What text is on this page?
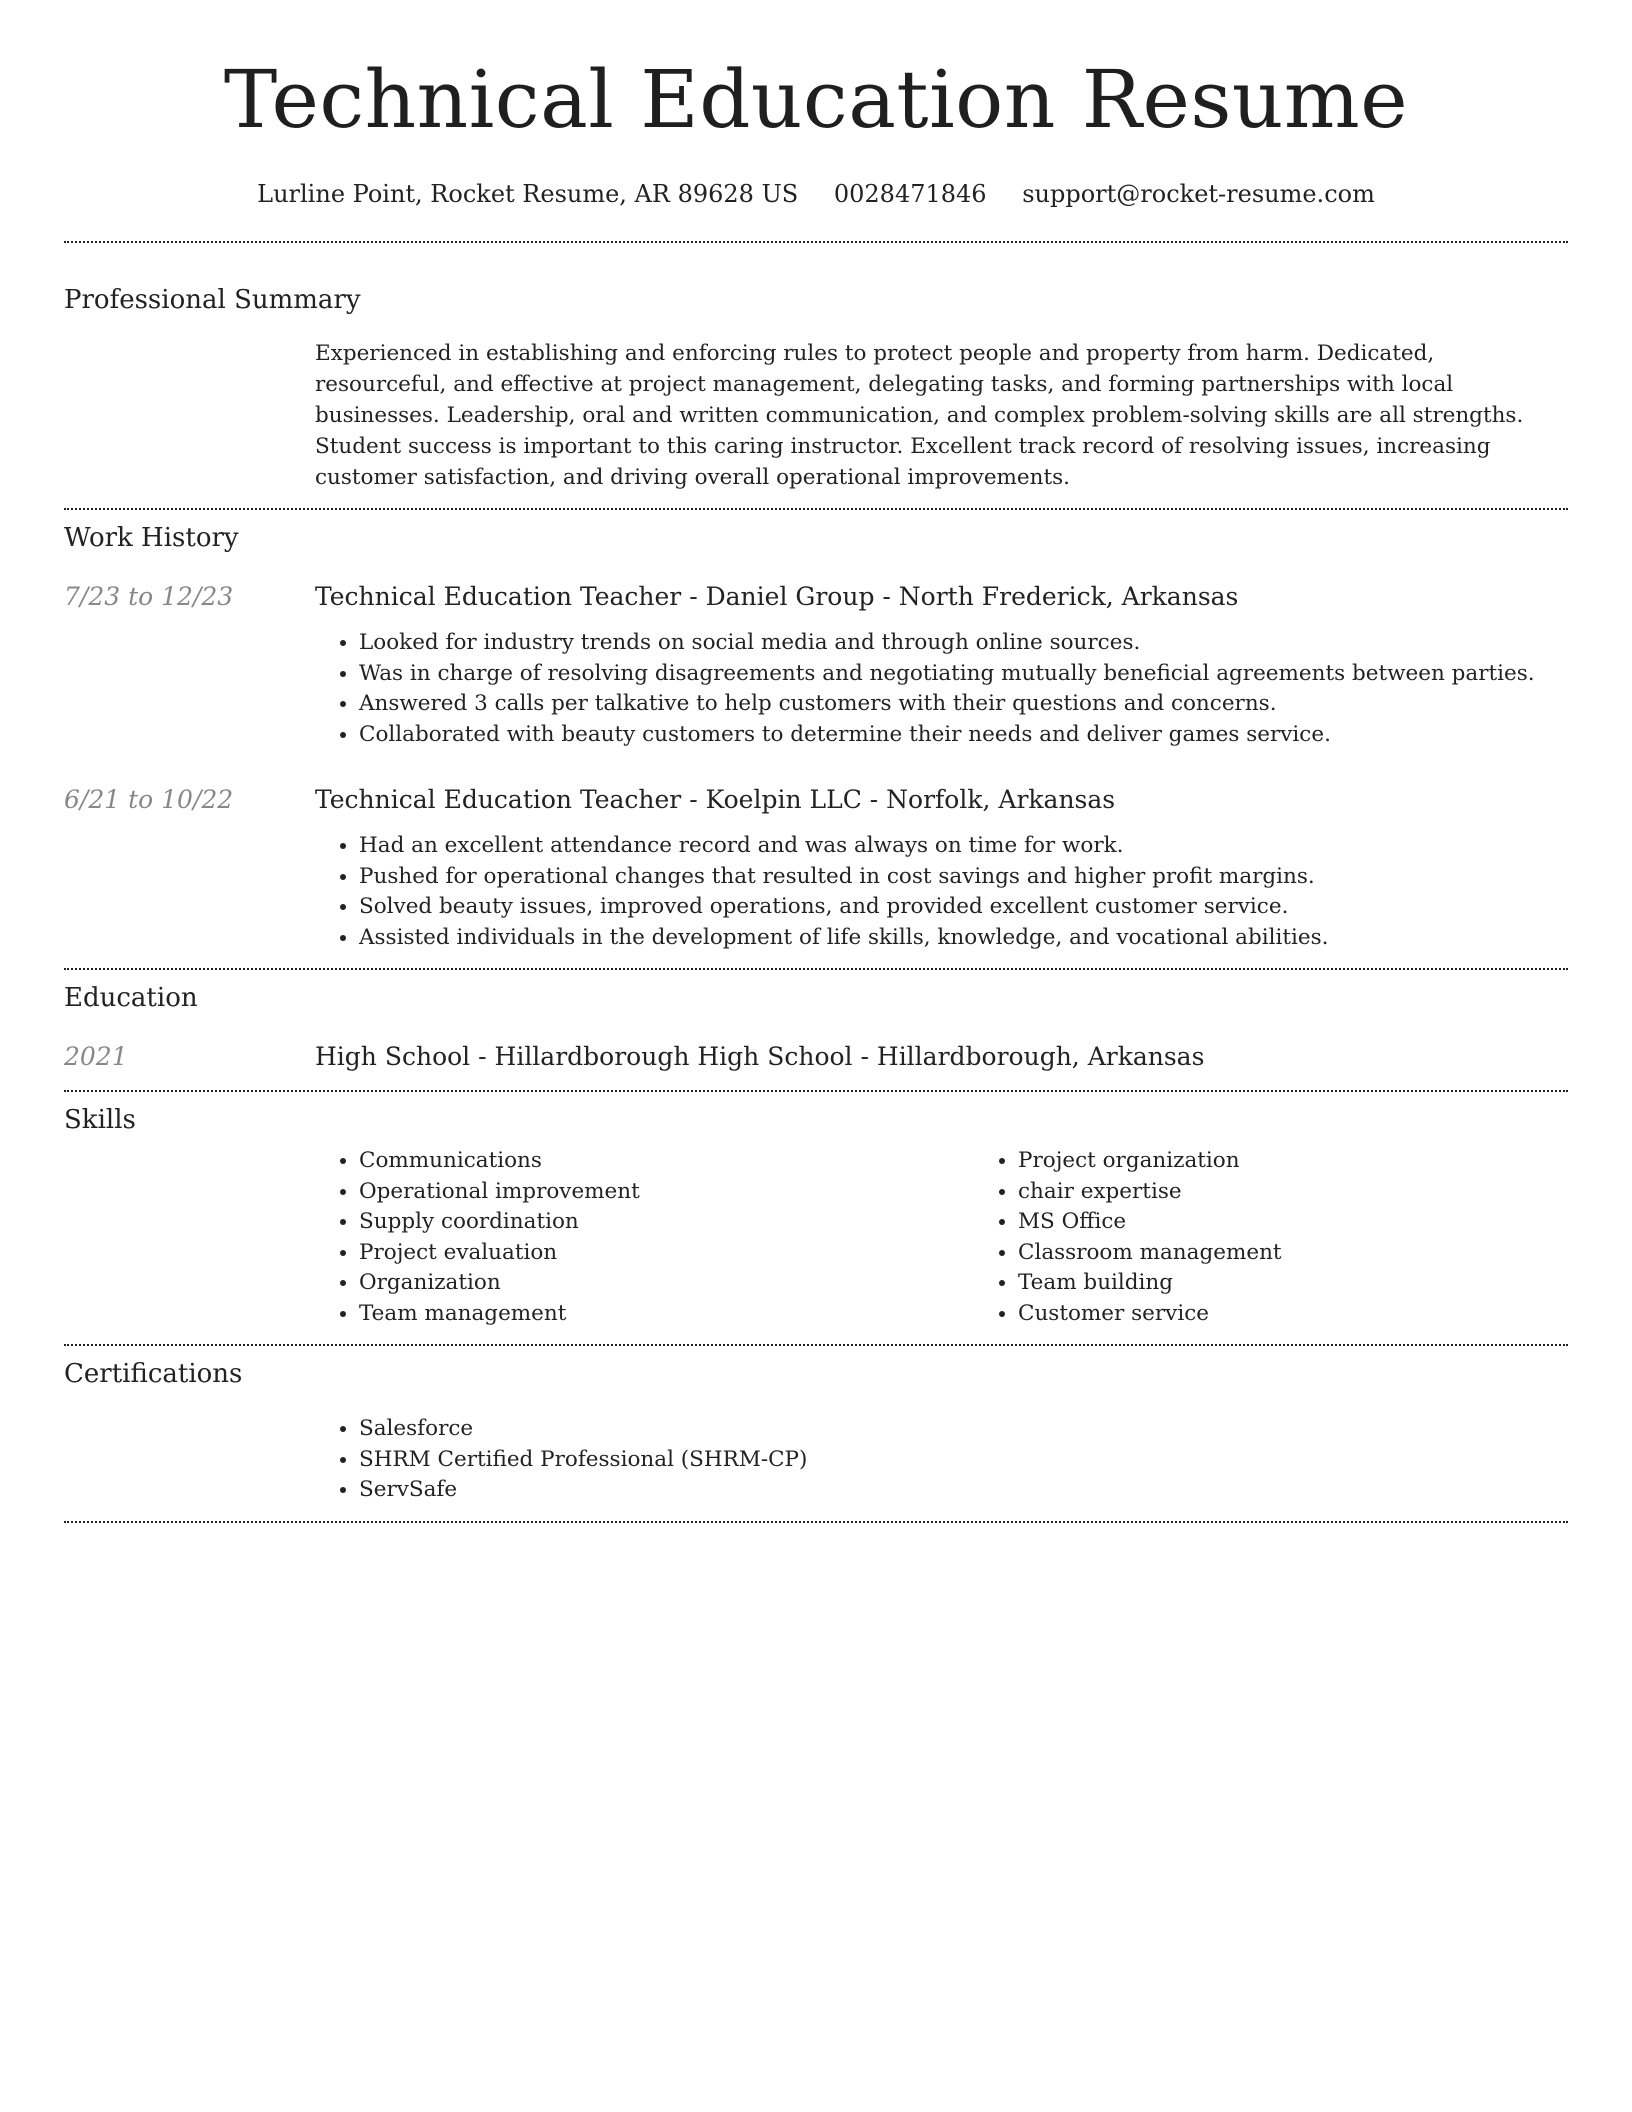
Technical Education Resume
Lurline Point, Rocket Resume, AR 89628 US 0028471846 support@rocket-resume.com
Professional Summary

Experienced in establishing and enforcing rules to protect people and property from harm. Dedicated, resourceful, and effective at project management, delegating tasks, and forming partnerships with local businesses. Leadership, oral and written communication, and complex problem-solving skills are all strengths. Student success is important to this caring instructor. Excellent track record of resolving issues, increasing customer satisfaction, and driving overall operational improvements.

Work History
7/23 to 12/23	Technical Education Teacher - Daniel Group - North Frederick, Arkansas
• Looked for industry trends on social media and through online sources.
• Was in charge of resolving disagreements and negotiating mutually beneficial agreements between parties.
• Answered 3 calls per talkative to help customers with their questions and concerns.
• Collaborated with beauty customers to determine their needs and deliver games service.
6/21 to 10/22	Technical Education Teacher - Koelpin LLC - Norfolk, Arkansas
• Had an excellent attendance record and was always on time for work.
• Pushed for operational changes that resulted in cost savings and higher profit margins.
• Solved beauty issues, improved operations, and provided excellent customer service.
• Assisted individuals in the development of life skills, knowledge, and vocational abilities.
Education
2021	High School - Hillardborough High School - Hillardborough, Arkansas
Skills
• Communications
• Operational improvement
• Supply coordination
• Project evaluation
• Organization
• Team management
• Project organization
• chair expertise
• MS Office
• Classroom management
• Team building
• Customer service
Certifications
• Salesforce
• SHRM Certified Professional (SHRM-CP)
• ServSafe
